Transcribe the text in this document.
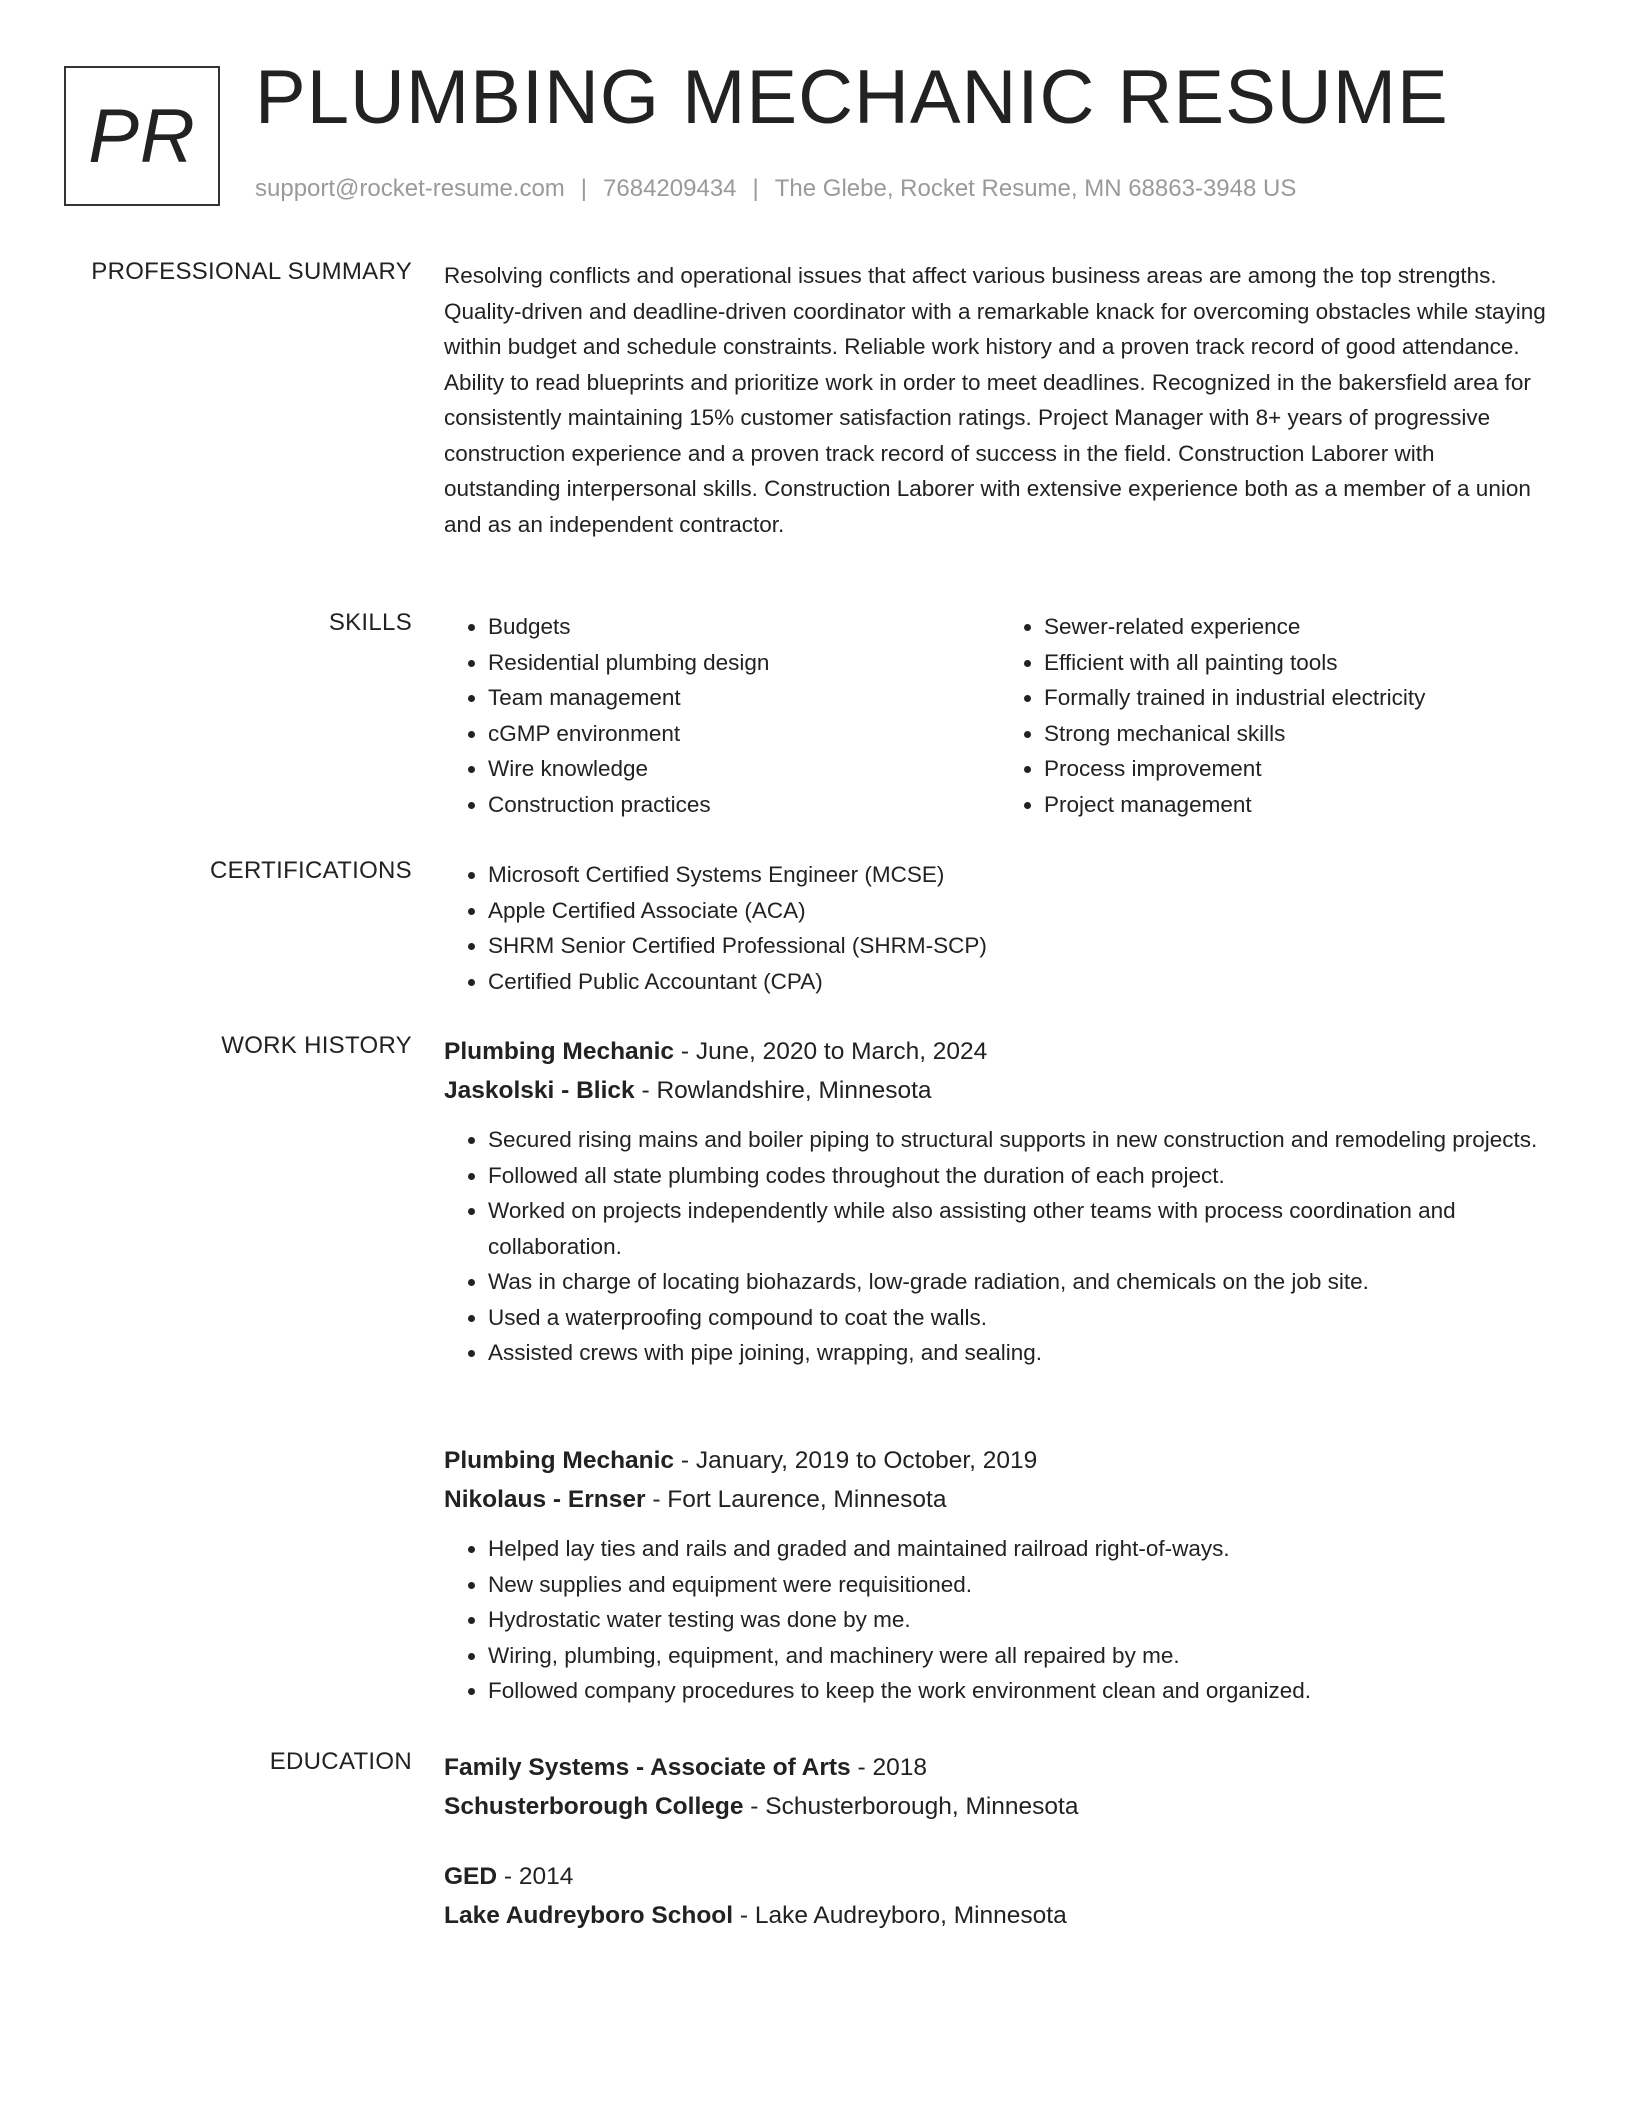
PR PLUMBING MECHANIC RESUME
support@rocket-resume.com | 7684209434 | The Glebe, Rocket Resume, MN 68863-3948 US
PROFESSIONAL SUMMARY Resolving conflicts and operational issues that affect various business areas are among the top strengths. Quality-driven and deadline-driven coordinator with a remarkable knack for overcoming obstacles while staying within budget and schedule constraints. Reliable work history and a proven track record of good attendance. Ability to read blueprints and prioritize work in order to meet deadlines. Recognized in the bakersfield area for consistently maintaining 15% customer satisfaction ratings. Project Manager with 8+ years of progressive construction experience and a proven track record of success in the field. Construction Laborer with outstanding interpersonal skills. Construction Laborer with extensive experience both as a member of a union and as an independent contractor.
SKILLS	• Budgets
• Residential plumbing design
• Team management
• cGMP environment
• Wire knowledge
• Construction practices
• Sewer-related experience
• Efficient with all painting tools
• Formally trained in industrial electricity
• Strong mechanical skills
• Process improvement
• Project management
CERTIFICATIONS	• Microsoft Certified Systems Engineer (MCSE)
• Apple Certified Associate (ACA)
• SHRM Senior Certified Professional (SHRM-SCP)
• Certified Public Accountant (CPA)
WORK HISTORY Plumbing Mechanic - June, 2020 to March, 2024
Jaskolski - Blick - Rowlandshire, Minnesota
• Secured rising mains and boiler piping to structural supports in new construction and remodeling projects.
• Followed all state plumbing codes throughout the duration of each project.
• Worked on projects independently while also assisting other teams with process coordination and collaboration.
• Was in charge of locating biohazards, low-grade radiation, and chemicals on the job site.
• Used a waterproofing compound to coat the walls.
• Assisted crews with pipe joining, wrapping, and sealing.
Plumbing Mechanic - January, 2019 to October, 2019
Nikolaus - Ernser - Fort Laurence, Minnesota
• Helped lay ties and rails and graded and maintained railroad right-of-ways.
• New supplies and equipment were requisitioned.
• Hydrostatic water testing was done by me.
• Wiring, plumbing, equipment, and machinery were all repaired by me.
• Followed company procedures to keep the work environment clean and organized.
EDUCATION Family Systems - Associate of Arts - 2018
Schusterborough College - Schusterborough, Minnesota
GED - 2014
Lake Audreyboro School - Lake Audreyboro, Minnesota
